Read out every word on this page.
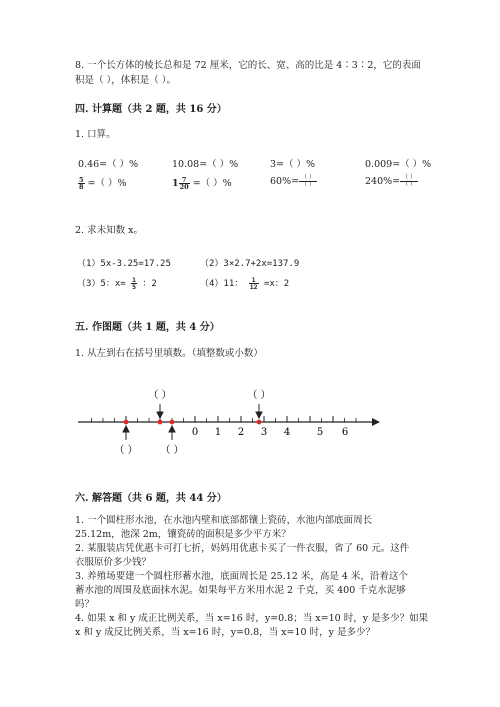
8. 一个长方体的棱长总和是 72 厘米，它的长、宽、高的比是 4∶3∶2，它的表面
积是（ ），体积是（ ）。
四. 计算题（共 2 题，共 16 分）
1. 口算。
0.46=（ ）%	10.08=（ ）%	3=（ ）%	0.009=（ ）%
$\frac{5}{8}$ =（ ）%	$1 \frac{7}{20}$ =（ ）%	$60\%= \frac{( )}{( )}$	$240\%= \frac{( )}{( )}$
2. 求未知数 x。
（1）5x-3.25=17.25	（2）3×2.7+2x=137.9
（3）5：$x= \frac{1}{5}$ ：2	（4）11： $\frac{1}{12} =x$：2
五. 作图题（共 1 题，共 4 分）
1. 从左到右在括号里填数。（填整数或小数）
0 1 2 3 4	5 6
（ ）	（ ）
（ ） （ ）
六. 解答题（共 6 题，共 44 分）
1. 一个圆柱形水池，在水池内壁和底部都镶上瓷砖，水池内部底面周长
25.12m，池深 2m，镶瓷砖的面积是多少平方米？
2. 某服装店凭优惠卡可打七折，妈妈用优惠卡买了一件衣服，省了 60 元。这件
衣服原价多少钱？
3. 养殖场要建一个圆柱形蓄水池，底面周长是 25.12 米，高是 4 米，沿着这个
蓄水池的周围及底面抹水泥。如果每平方米用水泥 2 千克，买 400 千克水泥够
吗？
4. 如果 x 和 y 成正比例关系，当 x=16 时，y=0.8；当 x=10 时，y 是多少？如果
x 和 y 成反比例关系，当 x=16 时，y=0.8，当 x=10 时，y 是多少？
